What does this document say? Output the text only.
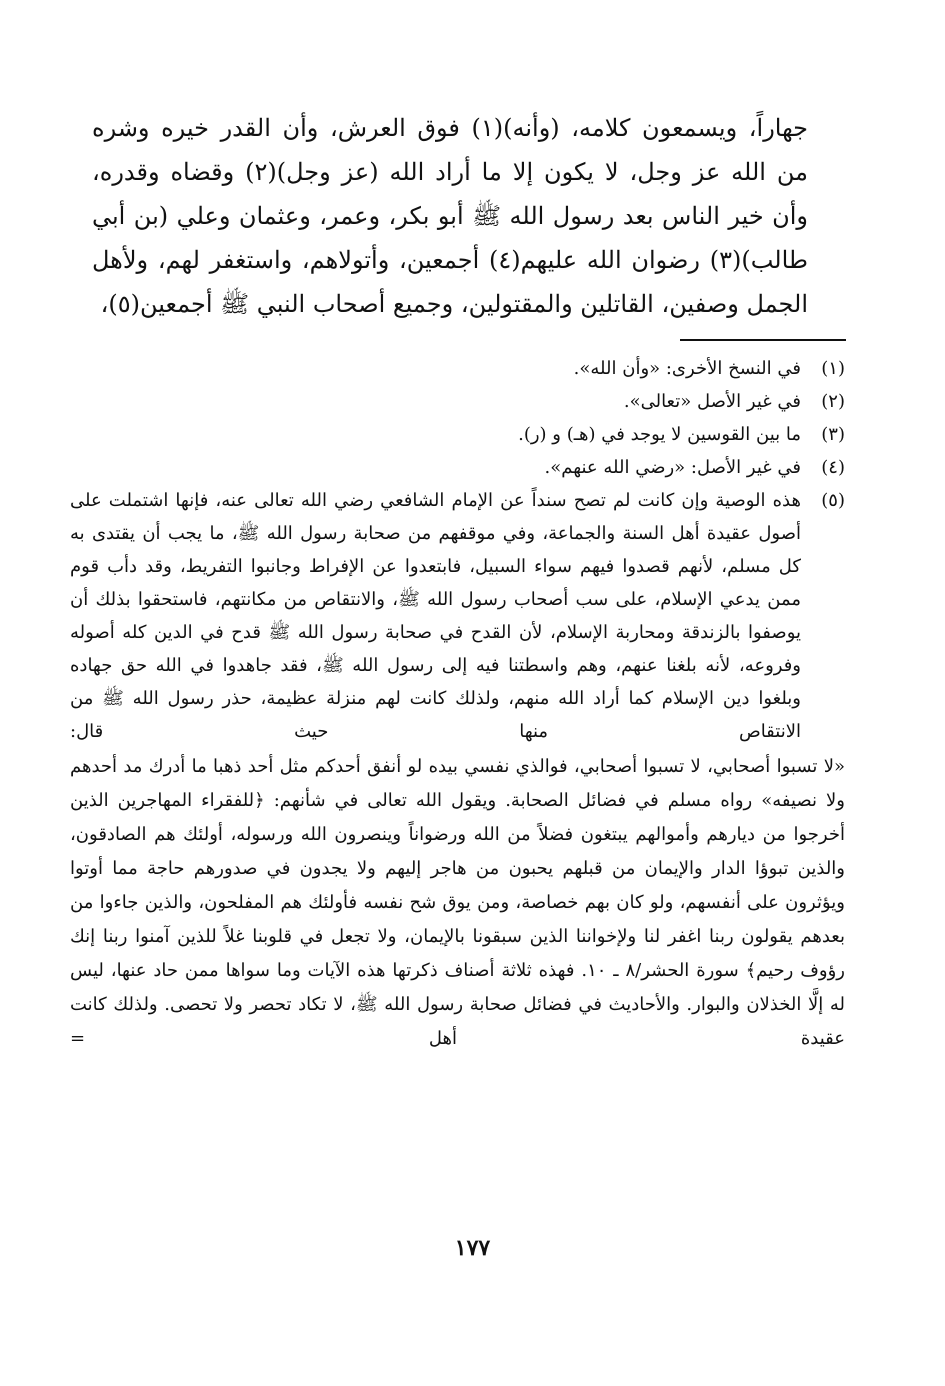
جهاراً، ويسمعون كلامه، (وأنه)(١) فوق العرش، وأن القدر خيره وشره من الله عز وجل، لا يكون إلا ما أراد الله (عز وجل)(٢) وقضاه وقدره، وأن خير الناس بعد رسول الله ﷺ أبو بكر، وعمر، وعثمان وعلي (بن أبي طالب)(٣) رضوان الله عليهم(٤) أجمعين، وأتولاهم، واستغفر لهم، ولأهل الجمل وصفين، القاتلين والمقتولين، وجميع أصحاب النبي ﷺ أجمعين(٥)،

(١)
في النسخ الأخرى: «وأن الله».
(٢)
في غير الأصل «تعالى».
(٣)
ما بين القوسين لا يوجد في (هـ) و (ر).
(٤)
في غير الأصل: «رضي الله عنهم».
(٥)
هذه الوصية وإن كانت لم تصح سنداً عن الإمام الشافعي رضي الله تعالى عنه، فإنها اشتملت على أصول عقيدة أهل السنة والجماعة، وفي موقفهم من صحابة رسول الله ﷺ، ما يجب أن يقتدى به كل مسلم، لأنهم قصدوا فيهم سواء السبيل، فابتعدوا عن الإفراط وجانبوا التفريط، وقد دأب قوم ممن يدعي الإسلام، على سب أصحاب رسول الله ﷺ، والانتقاص من مكانتهم، فاستحقوا بذلك أن يوصفوا بالزندقة ومحاربة الإسلام، لأن القدح في صحابة رسول الله ﷺ قدح في الدين كله أصوله وفروعه، لأنه بلغنا عنهم، وهم واسطتنا فيه إلى رسول الله ﷺ، فقد جاهدوا في الله حق جهاده وبلغوا دين الإسلام كما أراد الله منهم، ولذلك كانت لهم منزلة عظيمة، حذر رسول الله ﷺ من الانتقاص منها حيث قال:
«لا تسبوا أصحابي، لا تسبوا أصحابي، فوالذي نفسي بيده لو أنفق أحدكم مثل أحد ذهبا ما أدرك مد أحدهم ولا نصيفه» رواه مسلم في فضائل الصحابة. ويقول الله تعالى في شأنهم: ﴿للفقراء المهاجرين الذين أخرجوا من ديارهم وأموالهم يبتغون فضلاً من الله ورضواناً وينصرون الله ورسوله، أولئك هم الصادقون، والذين تبوؤا الدار والإيمان من قبلهم يحبون من هاجر إليهم ولا يجدون في صدورهم حاجة مما أوتوا ويؤثرون على أنفسهم، ولو كان بهم خصاصة، ومن يوق شح نفسه فأولئك هم المفلحون، والذين جاءوا من بعدهم يقولون ربنا اغفر لنا ولإخواننا الذين سبقونا بالإيمان، ولا تجعل في قلوبنا غلاً للذين آمنوا ربنا إنك رؤوف رحيم﴾ سورة الحشر/٨ ـ ١٠. فهذه ثلاثة أصناف ذكرتها هذه الآيات وما سواها ممن حاد عنها، ليس له إلَّا الخذلان والبوار. والأحاديث في فضائل صحابة رسول الله ﷺ، لا تكاد تحصر ولا تحصى. ولذلك كانت عقيدة أهل =
١٧٧
